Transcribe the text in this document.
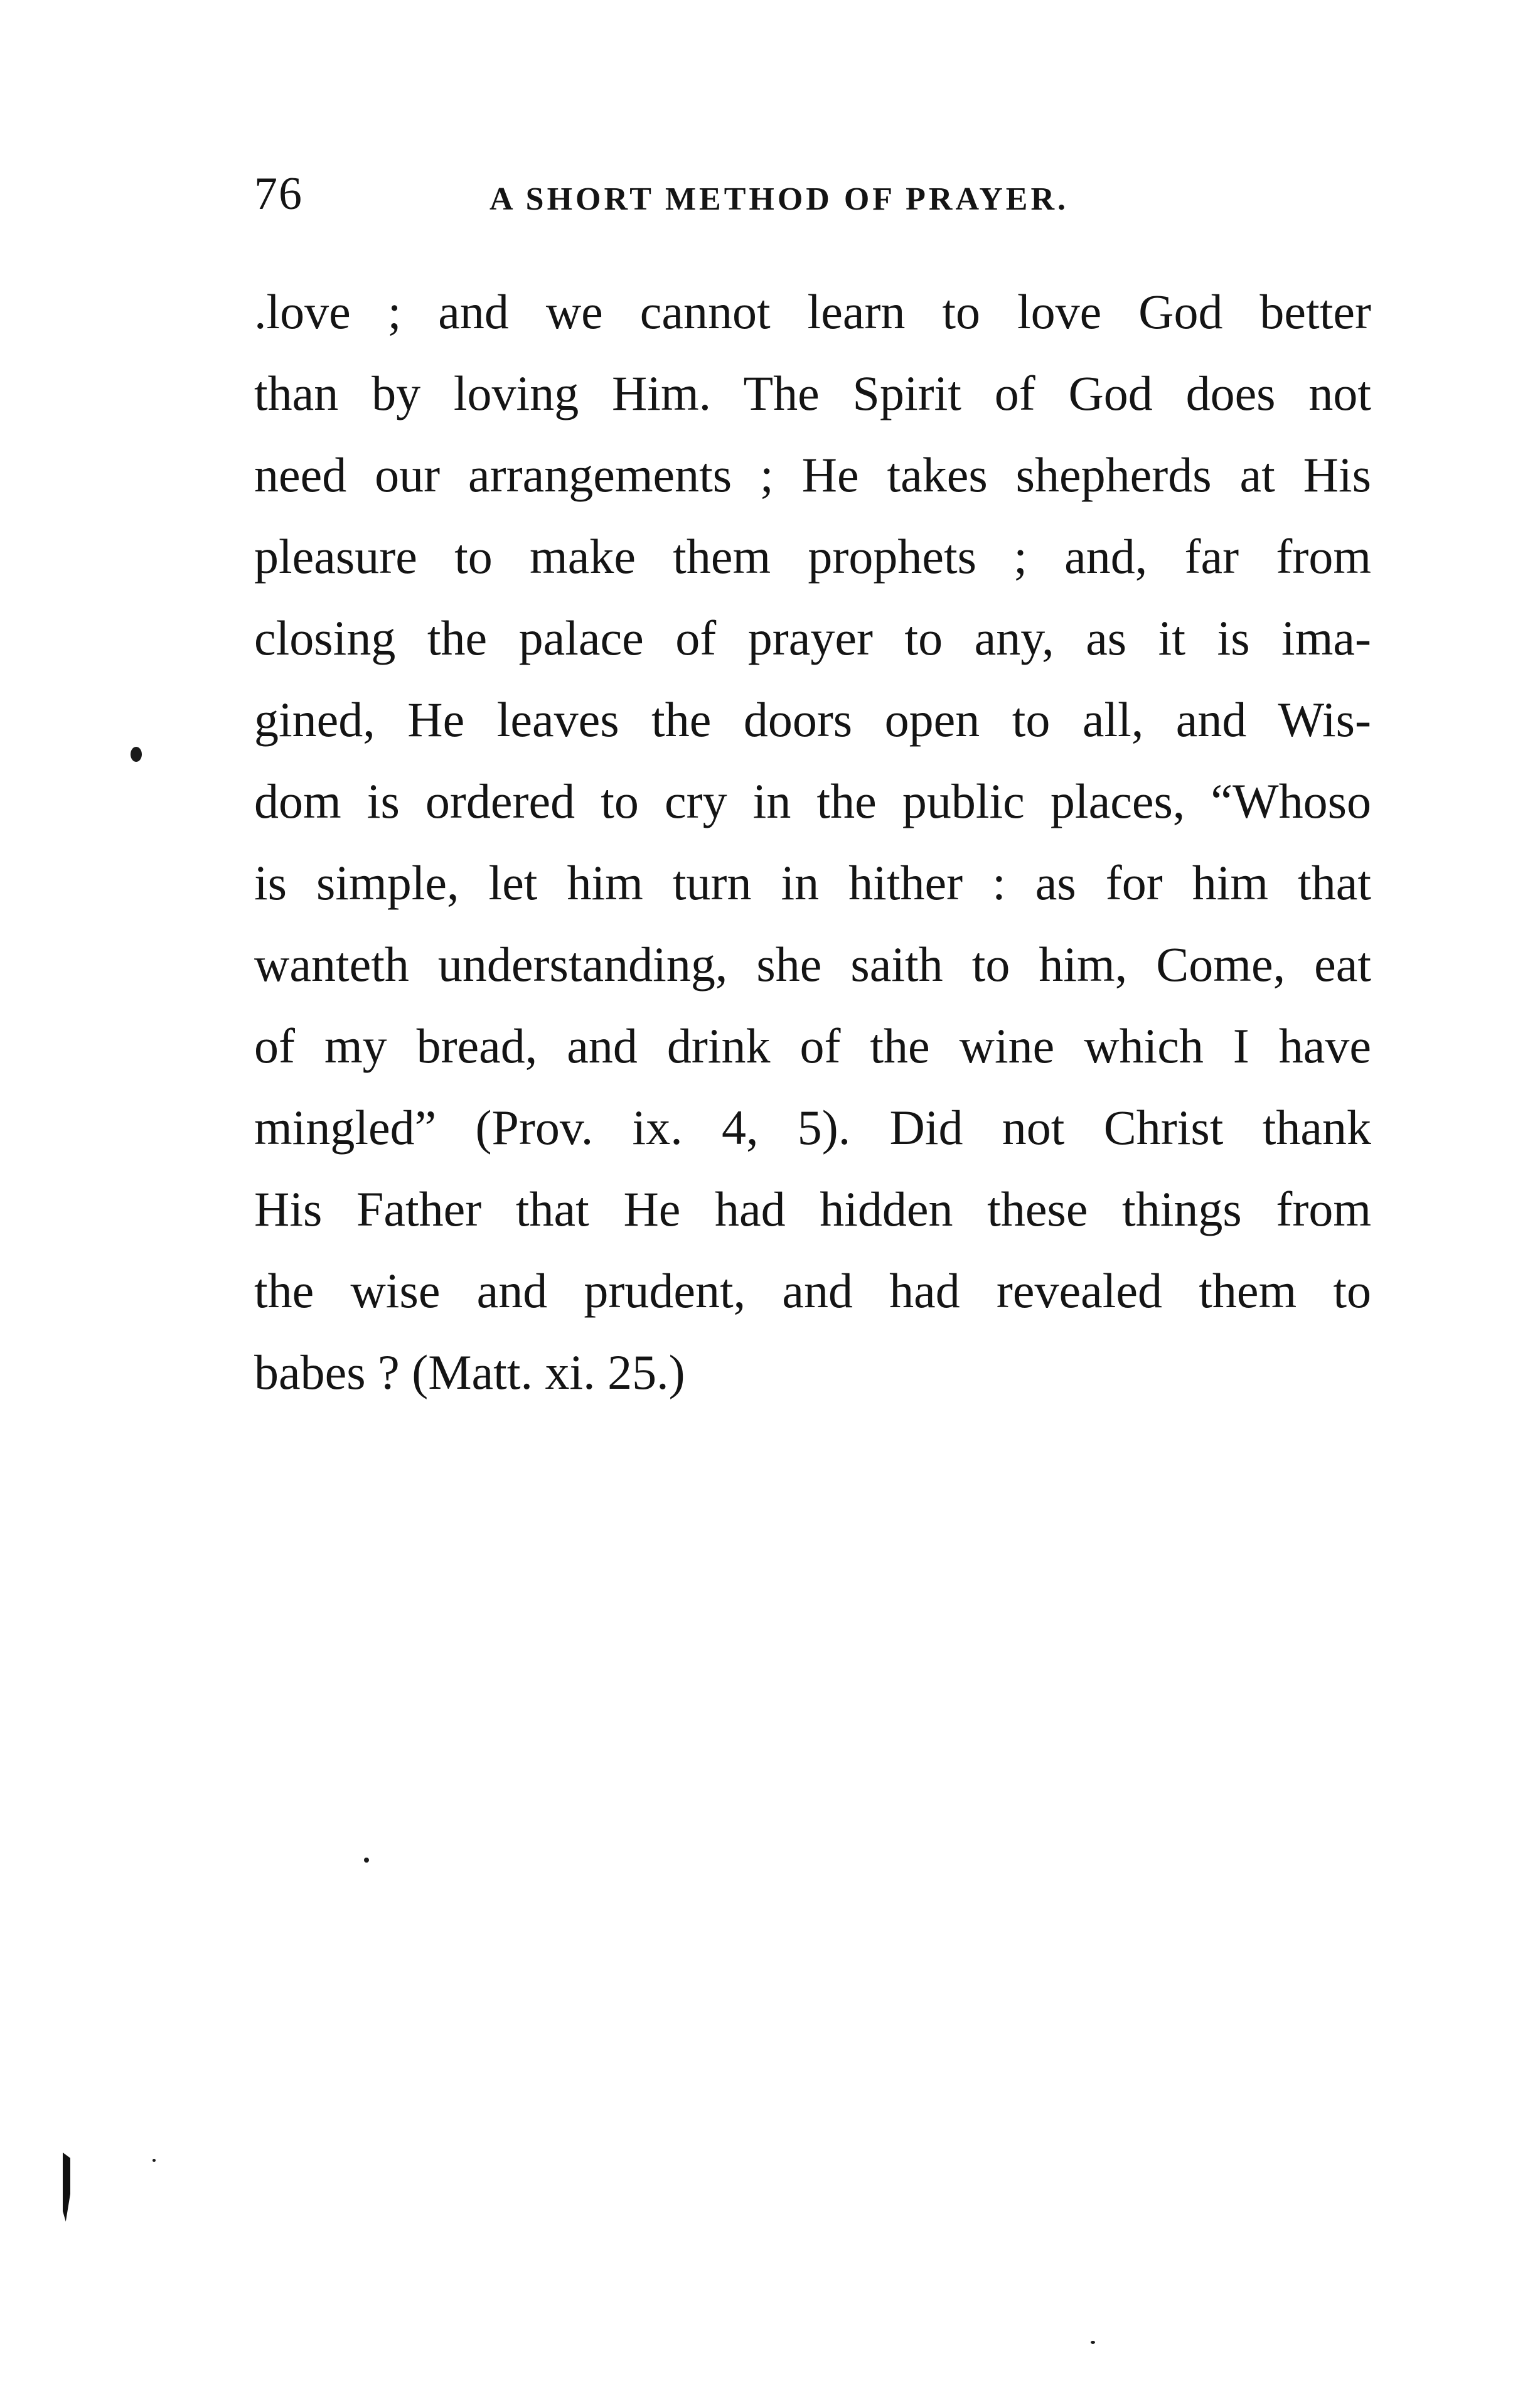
76	A SHORT METHOD OF PRAYER.
.love ; and we cannot learn to love God better
than by loving Him. The Spirit of God does not
need our arrangements ; He takes shepherds at His
pleasure to make them prophets ; and, far from
closing the palace of prayer to any, as it is ima-
gined, He leaves the doors open to all, and Wis-
dom is ordered to cry in the public places, “Whoso
is simple, let him turn in hither : as for him that
wanteth understanding, she saith to him, Come, eat
of my bread, and drink of the wine which I have
mingled” (Prov. ix. 4, 5). Did not Christ thank
His Father that He had hidden these things from
the wise and prudent, and had revealed them to
babes ? (Matt. xi. 25.)
